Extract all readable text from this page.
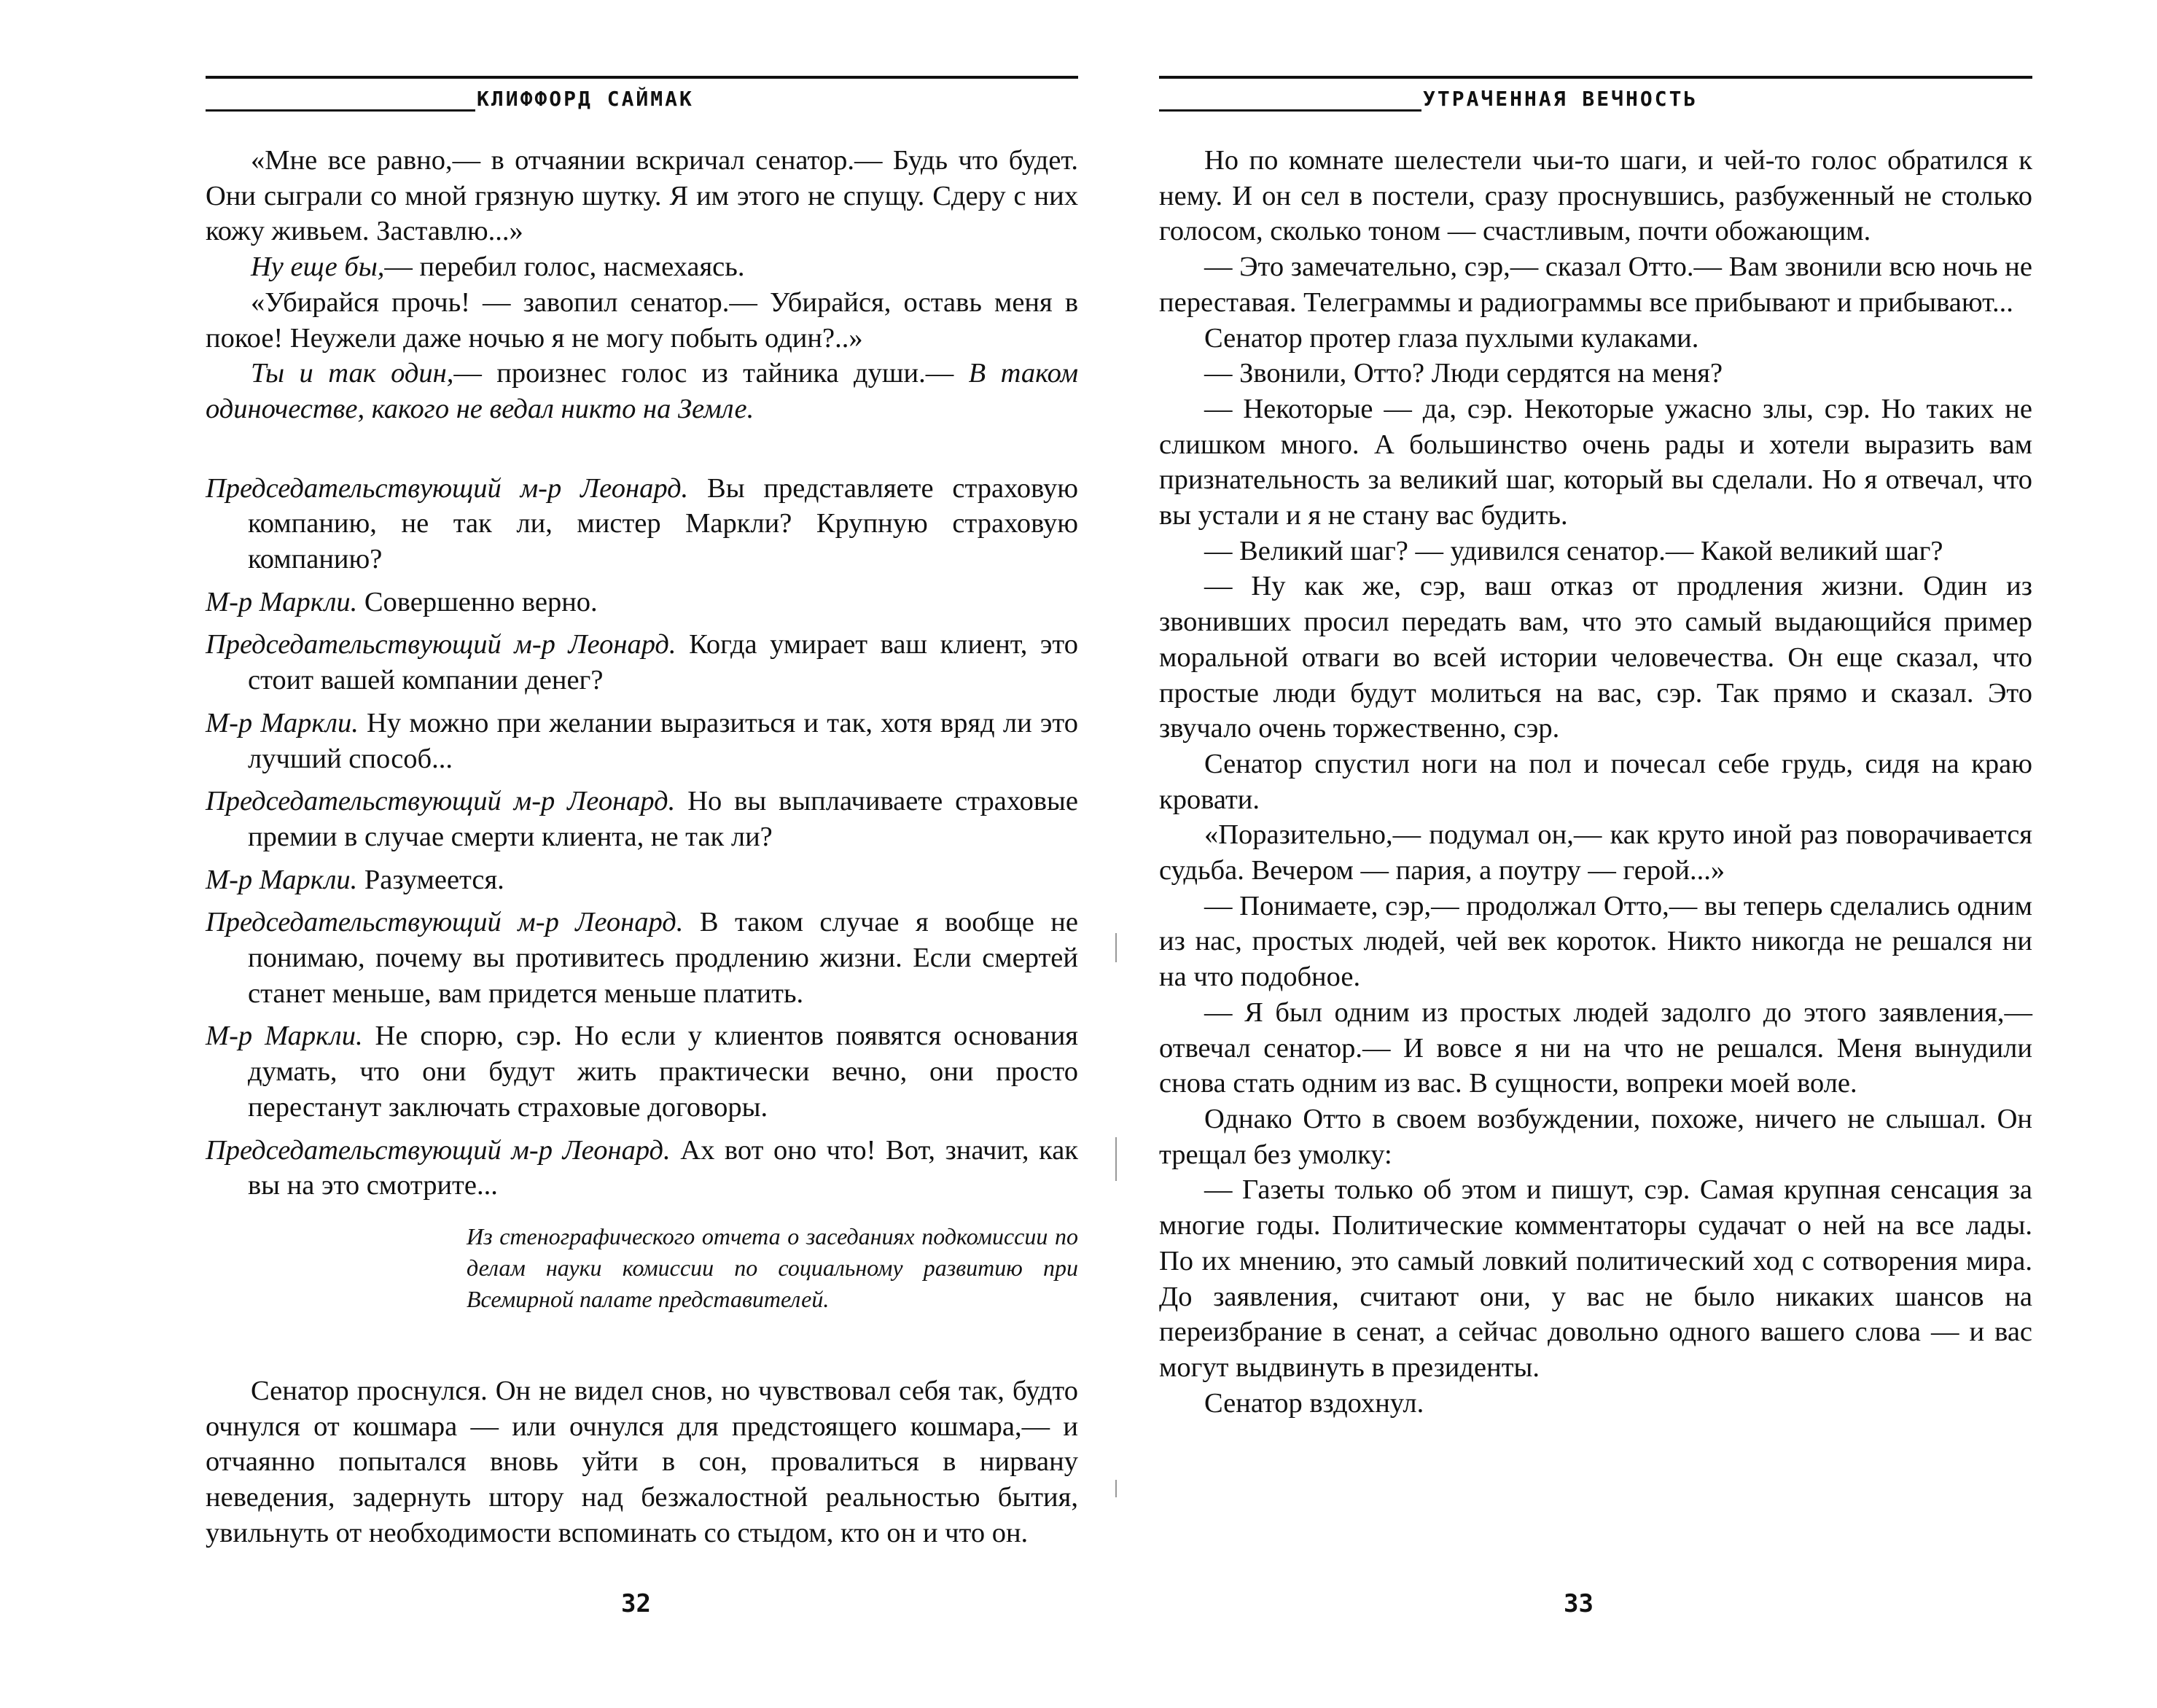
КЛИФФОРД САЙМАК

«Мне все равно,— в отчаянии вскричал сенатор.— Будь что будет. Они сыграли со мной грязную шутку. Я им этого не спущу. Сдеру с них кожу живьем. Заставлю...»

Ну еще бы,— перебил голос, насмехаясь.

«Убирайся прочь! — завопил сенатор.— Убирайся, оставь меня в покое! Неужели даже ночью я не могу побыть один?..»

Ты и так один,— произнес голос из тайника души.— В таком одиночестве, какого не ведал никто на Земле.

Председательствующий м-р Леонард. Вы представляете страховую компанию, не так ли, мистер Маркли? Крупную страховую компанию?

М-р Маркли. Совершенно верно.

Председательствующий м-р Леонард. Когда умирает ваш клиент, это стоит вашей компании денег?

М-р Маркли. Ну можно при желании выразиться и так, хотя вряд ли это лучший способ...

Председательствующий м-р Леонард. Но вы выплачиваете страховые премии в случае смерти клиента, не так ли?

М-р Маркли. Разумеется.

Председательствующий м-р Леонард. В таком случае я вообще не понимаю, почему вы противитесь продлению жизни. Если смертей станет меньше, вам придется меньше платить.

М-р Маркли. Не спорю, сэр. Но если у клиентов появятся основания думать, что они будут жить практически вечно, они просто перестанут заключать страховые договоры.

Председательствующий м-р Леонард. Ах вот оно что! Вот, значит, как вы на это смотрите...

Из стенографического отчета о заседаниях подкомиссии по делам науки комиссии по социальному развитию при Всемирной палате представителей.

Сенатор проснулся. Он не видел снов, но чувствовал себя так, будто очнулся от кошмара — или очнулся для предстоящего кошмара,— и отчаянно попытался вновь уйти в сон, провалиться в нирвану неведения, задернуть штору над безжалостной реальностью бытия, увильнуть от необходимости вспоминать со стыдом, кто он и что он.

32
УТРАЧЕННАЯ ВЕЧНОСТЬ

Но по комнате шелестели чьи-то шаги, и чей-то голос обратился к нему. И он сел в постели, сразу проснувшись, разбуженный не столько голосом, сколько тоном — счастливым, почти обожающим.

— Это замечательно, сэр,— сказал Отто.— Вам звонили всю ночь не переставая. Телеграммы и радиограммы все прибывают и прибывают...

Сенатор протер глаза пухлыми кулаками.

— Звонили, Отто? Люди сердятся на меня?

— Некоторые — да, сэр. Некоторые ужасно злы, сэр. Но таких не слишком много. А большинство очень рады и хотели выразить вам признательность за великий шаг, который вы сделали. Но я отвечал, что вы устали и я не стану вас будить.

— Великий шаг? — удивился сенатор.— Какой великий шаг?

— Ну как же, сэр, ваш отказ от продления жизни. Один из звонивших просил передать вам, что это самый выдающийся пример моральной отваги во всей истории человечества. Он еще сказал, что простые люди будут молиться на вас, сэр. Так прямо и сказал. Это звучало очень торжественно, сэр.

Сенатор спустил ноги на пол и почесал себе грудь, сидя на краю кровати.

«Поразительно,— подумал он,— как круто иной раз поворачивается судьба. Вечером — пария, а поутру — герой...»

— Понимаете, сэр,— продолжал Отто,— вы теперь сделались одним из нас, простых людей, чей век короток. Никто никогда не решался ни на что подобное.

— Я был одним из простых людей задолго до этого заявления,— отвечал сенатор.— И вовсе я ни на что не решался. Меня вынудили снова стать одним из вас. В сущности, вопреки моей воле.

Однако Отто в своем возбуждении, похоже, ничего не слышал. Он трещал без умолку:

— Газеты только об этом и пишут, сэр. Самая крупная сенсация за многие годы. Политические комментаторы судачат о ней на все лады. По их мнению, это самый ловкий политический ход с сотворения мира. До заявления, считают они, у вас не было никаких шансов на переизбрание в сенат, а сейчас довольно одного вашего слова — и вас могут выдвинуть в президенты.

Сенатор вздохнул.

33
